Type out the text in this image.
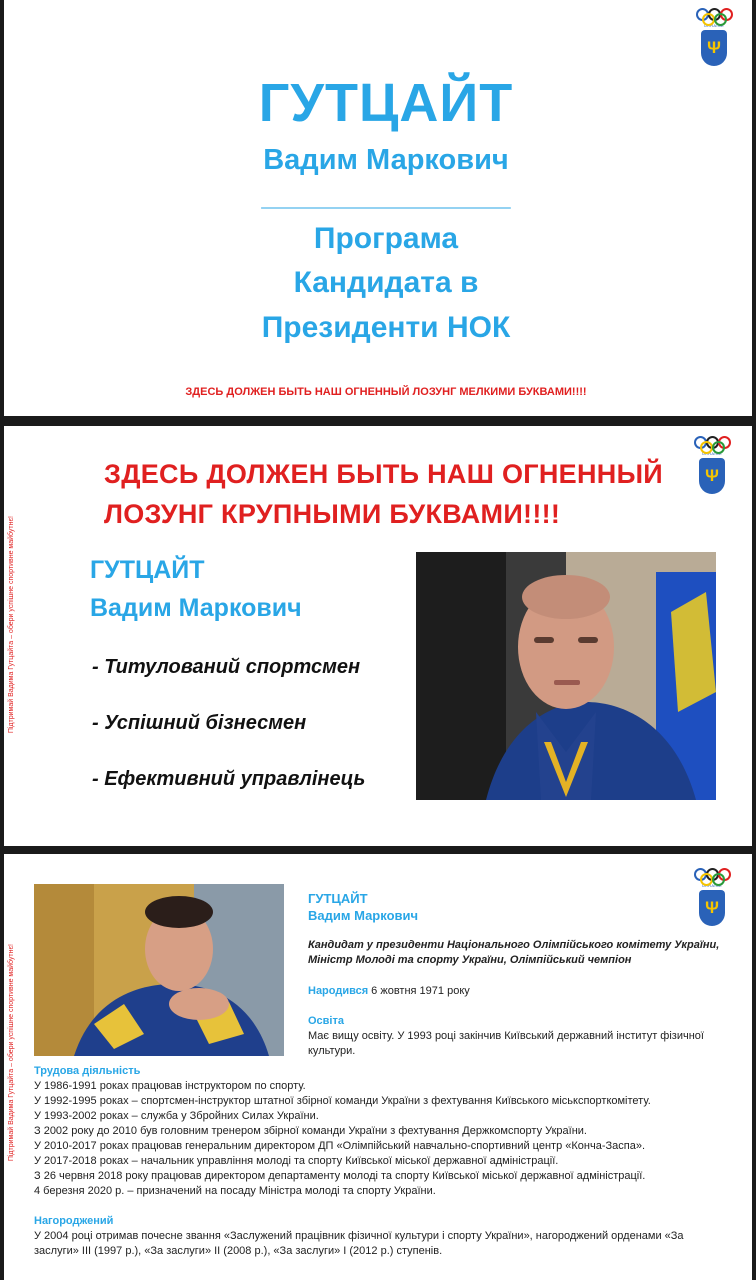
UKRAINE
Ψ
ГУТЦАЙТ
Вадим Маркович
________________
Програма
Кандидата в
Президенти НОК
ЗДЕСЬ ДОЛЖЕН БЫТЬ НАШ ОГНЕННЫЙ ЛОЗУНГ МЕЛКИМИ БУКВАМИ!!!!
UKRAINE
Ψ
Підтримай Вадима Гутцайта – обери успішне спортивне майбутнє!
ЗДЕСЬ ДОЛЖЕН БЫТЬ НАШ ОГНЕННЫЙ
ЛОЗУНГ КРУПНЫМИ БУКВАМИ!!!!
ГУТЦАЙТ
Вадим Маркович
- Титулований спортсмен
- Успішний бізнесмен
- Ефективний управлінець
UKRAINE
Ψ
Підтримай Вадима Гутцайта – обери успішне спортивне майбутнє!
ГУТЦАЙТ
Вадим Маркович

Кандидат у президенти Національного Олімпійського комітету України,

Міністр Молоді та спорту України, Олімпійський чемпіон

Народився 6 жовтня 1971 року
Освіта

Має вищу освіту. У 1993 році закінчив Київський державний інститут фізичної культури.

Трудова діяльність

У 1986-1991 роках працював інструктором по спорту.

У 1992-1995 роках – спортсмен-інструктор штатної збірної команди України з фехтування Київського міськспорткомітету.

У 1993-2002 роках – служба у Збройних Силах України.

З 2002 року до 2010 був головним тренером збірної команди України з фехтування Держкомспорту України.

У 2010-2017 роках працював генеральним директором ДП «Олімпійський навчально-спортивний центр «Конча-Заспа».

У 2017-2018 роках – начальник управління молоді та спорту Київської міської державної адміністрації.

З 26 червня 2018 року працював директором департаменту молоді та спорту Київської міської державної адміністрації.

4 березня 2020 р. – призначений на посаду Міністра молоді та спорту України.

Нагороджений

У 2004 році отримав почесне звання «Заслужений працівник фізичної культури і спорту України», нагороджений орденами «За заслуги» ІІІ (1997 р.), «За заслуги» ІІ (2008 р.), «За заслуги» І (2012 р.) ступенів.
